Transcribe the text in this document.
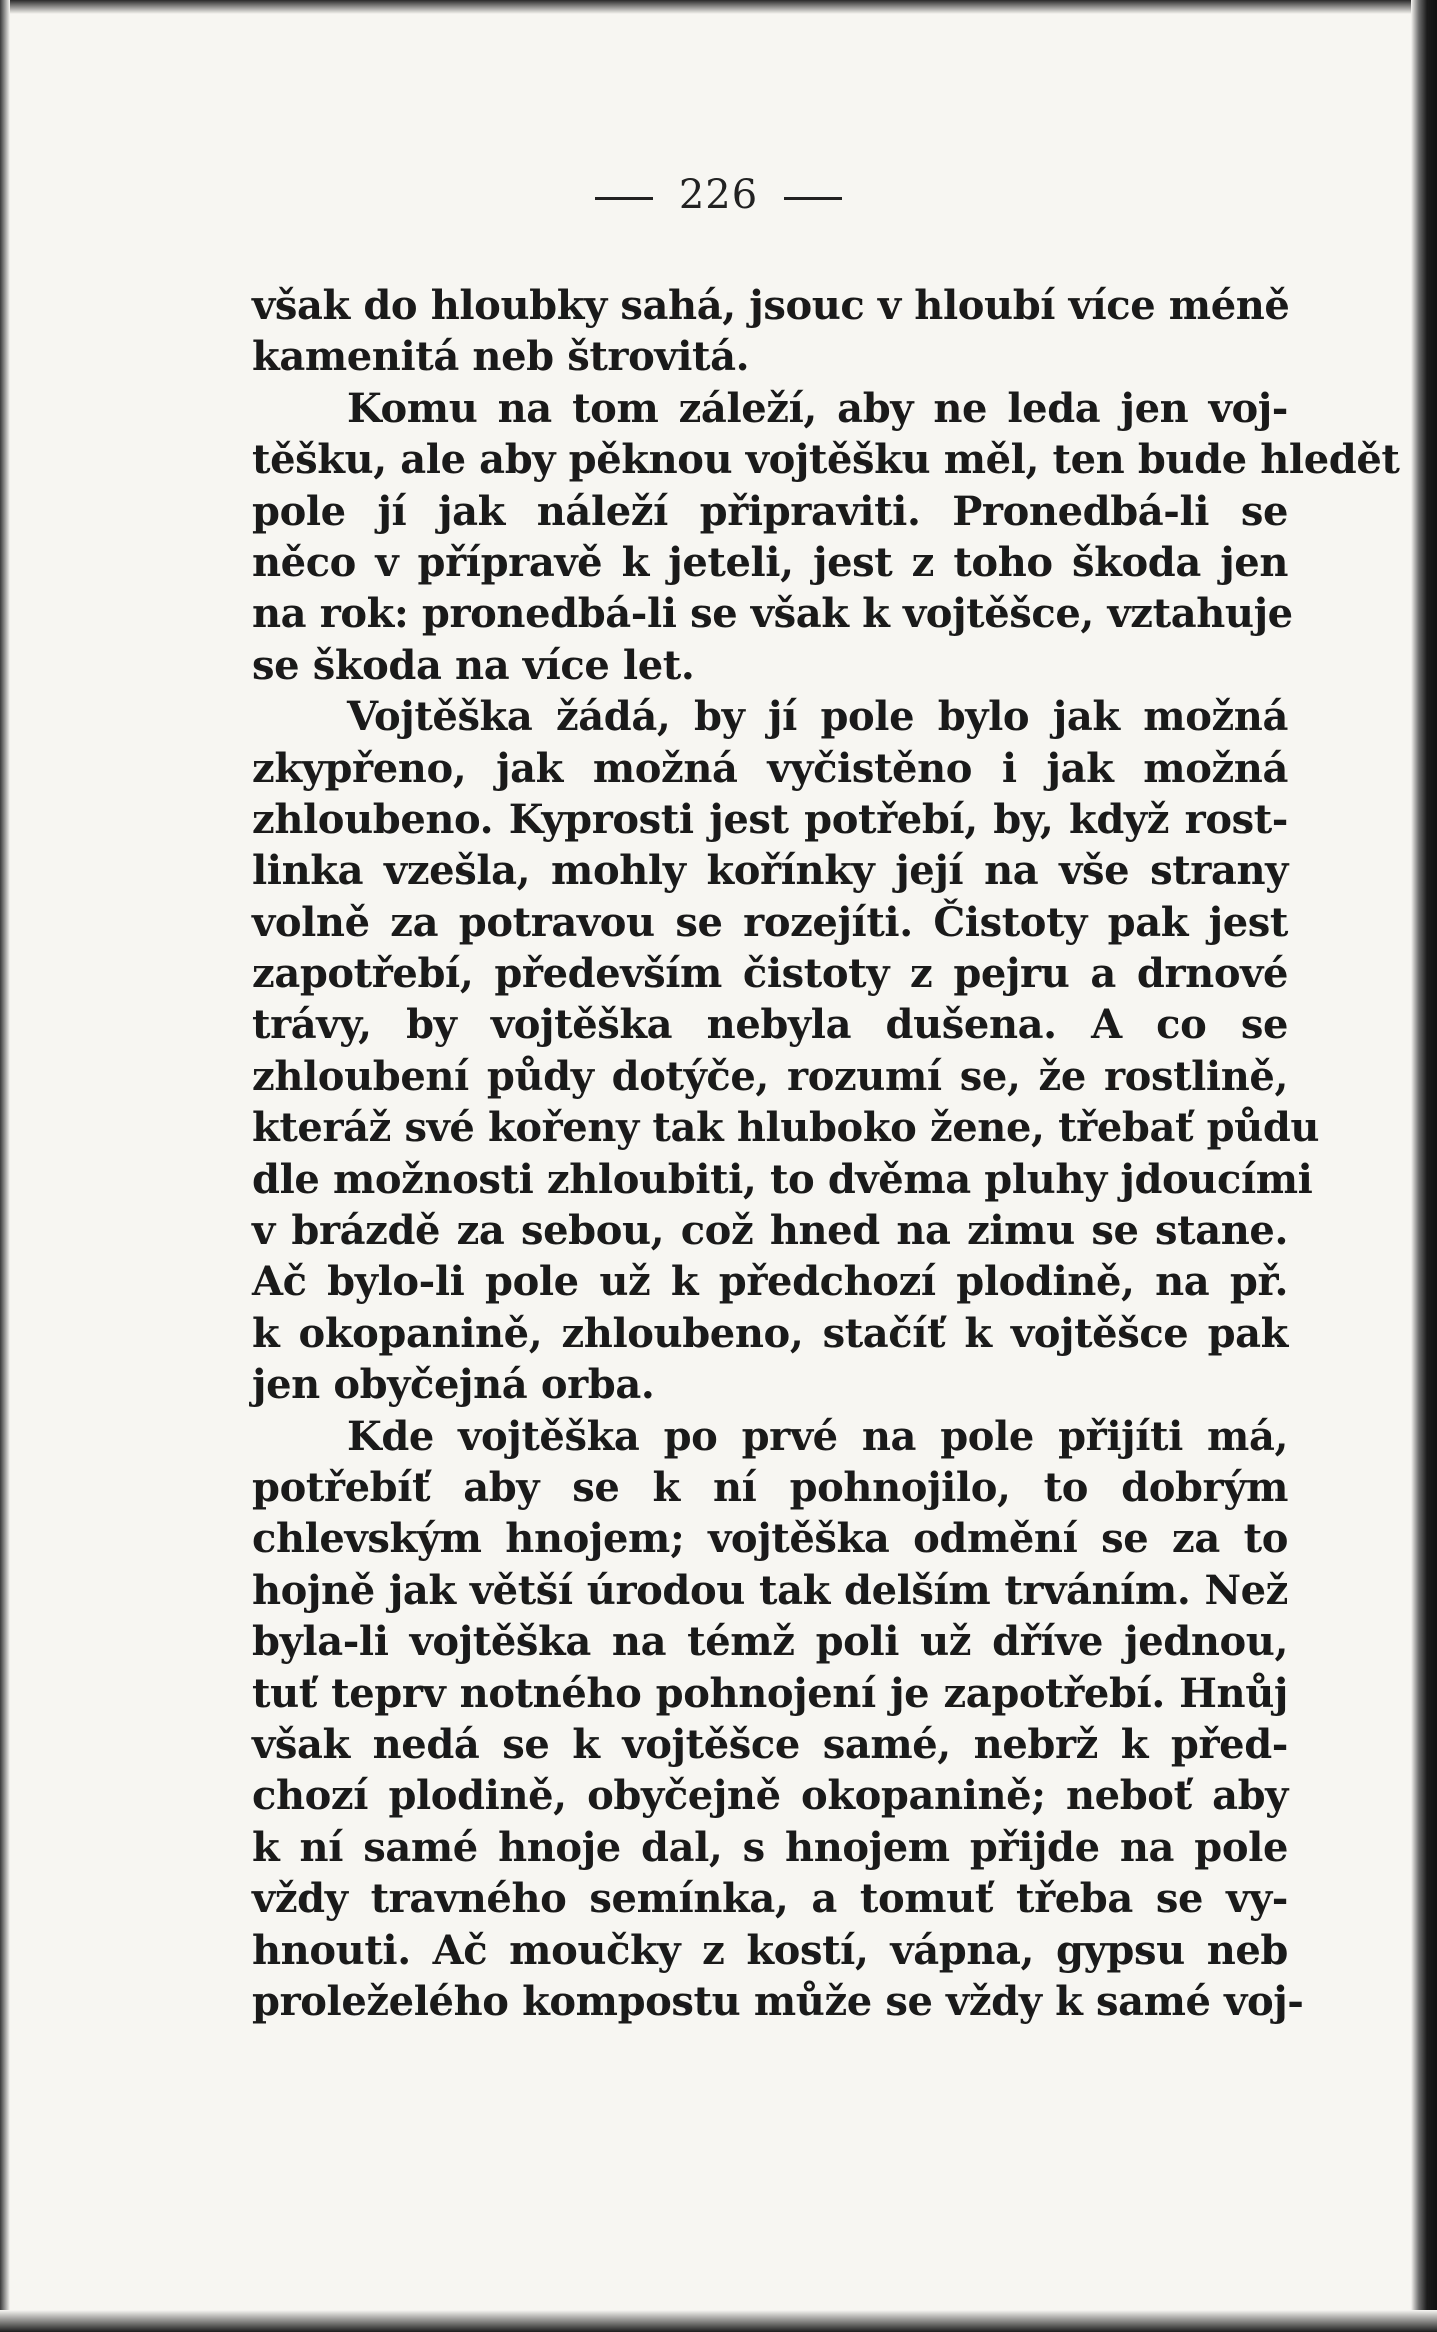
226
však do hloubky sahá, jsouc v hloubí více méně
kamenitá neb štrovitá.
Komu na tom záleží, aby ne leda jen voj-
těšku, ale aby pěknou vojtěšku měl, ten bude hledět
pole jí jak náleží připraviti. Pronedbá-li se
něco v přípravě k jeteli, jest z toho škoda jen
na rok: pronedbá-li se však k vojtěšce, vztahuje
se škoda na více let.
Vojtěška žádá, by jí pole bylo jak možná
zkypřeno, jak možná vyčistěno i jak možná
zhloubeno. Kyprosti jest potřebí, by, když rost-
linka vzešla, mohly kořínky její na vše strany
volně za potravou se rozejíti. Čistoty pak jest
zapotřebí, především čistoty z pejru a drnové
trávy, by vojtěška nebyla dušena. A co se
zhloubení půdy dotýče, rozumí se, že rostlině,
kteráž své kořeny tak hluboko žene, třebať půdu
dle možnosti zhloubiti, to dvěma pluhy jdoucími
v brázdě za sebou, což hned na zimu se stane.
Ač bylo-li pole už k předchozí plodině, na př.
k okopanině, zhloubeno, stačíť k vojtěšce pak
jen obyčejná orba.
Kde vojtěška po prvé na pole přijíti má,
potřebíť aby se k ní pohnojilo, to dobrým
chlevským hnojem; vojtěška odmění se za to
hojně jak větší úrodou tak delším trváním. Než
byla-li vojtěška na témž poli už dříve jednou,
tuť teprv notného pohnojení je zapotřebí. Hnůj
však nedá se k vojtěšce samé, nebrž k před-
chozí plodině, obyčejně okopanině; neboť aby
k ní samé hnoje dal, s hnojem přijde na pole
vždy travného semínka, a tomuť třeba se vy-
hnouti. Ač moučky z kostí, vápna, gypsu neb
proleželého kompostu může se vždy k samé voj-
